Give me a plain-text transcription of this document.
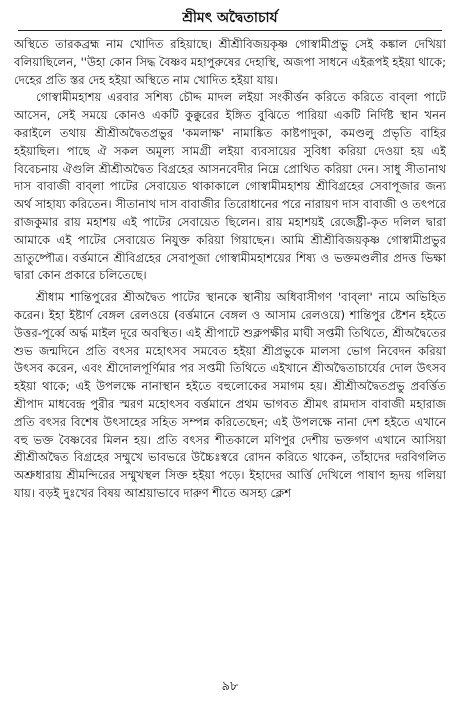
শ্রীমৎ অদ্বৈতাচার্য

অস্থিতে তারকব্রহ্ম নাম খোদিত রহিয়াছে। শ্রীশ্রীবিজয়কৃষ্ণ গোস্বামীপ্রভু সেই কঙ্কাল দেখিয়া বলিয়াছিলেন, ''উহা কোন সিদ্ধ বৈষ্ণব মহাপুরুষের দেহাস্থি, অজপা সাধনে এইরূপই হইয়া থাকে; দেহের প্রতি স্তর দেহ হইয়া অস্থিতে নাম খোদিত হইয়া যায়।

গোস্বামীমহাশয় এরবার সশিষ্য চৌদ্দ মাদল লইয়া সংকীর্ত্তন করিতে করিতে বাব্‌লা পাটে আসেন, সেই সময়ে কোনও একটি কুক্কুরের ইঙ্গিত বুঝিতে পারিয়া একটি নির্দিষ্ট স্থান খনন করাইলে তথায় শ্রীশ্রীঅদ্বৈতপ্রভুর 'কমলাক্ষ' নামাঙ্কিত কাষ্টপাদুকা, কমণ্ডলু প্রভৃতি বাহির হইয়াছিল। পাছে ঐ সকল অমূল্য সামগ্রী লইয়া ব্যবসায়ের সুবিধা করিয়া দেওয়া হয় এই বিবেচনায় ঐগুলি শ্রীশ্রীঅদ্বৈত বিগ্রহের আসনবেদীর নিম্নে প্রোথিত করিয়া দেন। সাধু সীতানাথ দাস বাবাজী বাব্‌লা পাটের সেবায়েত থাকাকালে গোস্বামীমহাশয় শ্রীবিগ্রহের সেবাপূজার জন্য অর্থ সাহায্য করিতেন। সীতানাথ দাস বাবাজীর তিরোধানের পরে নারায়ণ দাস বাবাজী ও তৎপরে রাজকুমার রায় মহাশয় এই পাটের সেবায়েত ছিলেন। রায় মহাশয়ই রেজেষ্ট্রী-কৃত দলিল দ্বারা আমাকে এই পাটের সেবায়েত নিযুক্ত করিয়া গিয়াছেন। আমি শ্রীশ্রীবিজয়কৃষ্ণ গোস্বামীপ্রভুর ভ্রাতুষ্পৌত্র। বর্ত্তমানে শ্রীবিগ্রহের সেবাপূজা গোস্বামীমহাশয়ের শিষ্য ও ভক্তমণ্ডলীর প্রদত্ত ভিক্ষা দ্বারা কোন প্রকারে চলিতেছে।

শ্রীধাম শান্তিপুরের শ্রীঅদ্বৈত পাটের স্থানকে স্থানীয় অধিবাসীগণ 'বাব্‌লা' নামে অভিহিত করেন। ইহা ইষ্টার্ণ বেঙ্গল রেলওয়ে (বর্ত্তমানে বেঙ্গল ও আসাম রেলওয়ে) শান্তিপুর ষ্টেশন হইতে উত্তর-পূর্ব্বে অর্দ্ধ মাইল দূরে অবস্থিত। এই শ্রীপাটে শুক্লপক্ষীর মাঘী সপ্তমী তিথিতে, শ্রীঅদ্বৈতের শুভ জন্মদিনে প্রতি বৎসর মহোৎসব সমবেত হইয়া শ্রীপ্রভুকে মালসা ভোগ নিবেদন করিয়া উৎসব করেন, এবং শ্রীদোলপূর্ণিমার পর সপ্তমী তিথিতে এইখানে শ্রীঅদ্বৈতাচার্যের দোল উৎসব হইয়া থাকে; এই উপলক্ষে নানাস্থান হইতে বহুলোকের সমাগম হয়। শ্রীশ্রীঅদ্বৈতপ্রভু প্রবর্ত্তিত শ্রীপাদ মাধবেন্দ্র পুরীর স্মরণ মহোৎসব বর্ত্তমানে প্রথম ভাগবত শ্রীমৎ রামদাস বাবাজী মহারাজ প্রতি বৎসর বিশেষ উৎসাহের সহিত সম্পন্ন করিতেছেন; এই উপলক্ষে নানা দেশ হইতে এখানে বহু ভক্ত বৈষ্ণবের মিলন হয়। প্রতি বৎসর শীতকালে মণিপুর দেশীয় ভক্তগণ এখানে আসিয়া শ্রীশ্রীঅদ্বৈত বিগ্রহের সম্মুখে ভাবভরে উচ্চৈঃস্বরে রোদন করিতে থাকেন, তাঁহাদের দরবিগলিত অশ্রুধারায় শ্রীমন্দিরের সম্মুখস্থল সিক্ত হইয়া পড়ে। ইহাদের আর্ত্তি দেখিলে পাষাণ হৃদয় গলিয়া যায়। বড়ই দুঃখের বিষয় আশ্রয়াভাবে দারুণ শীতে অসহ্য ক্লেশ

৯৮
